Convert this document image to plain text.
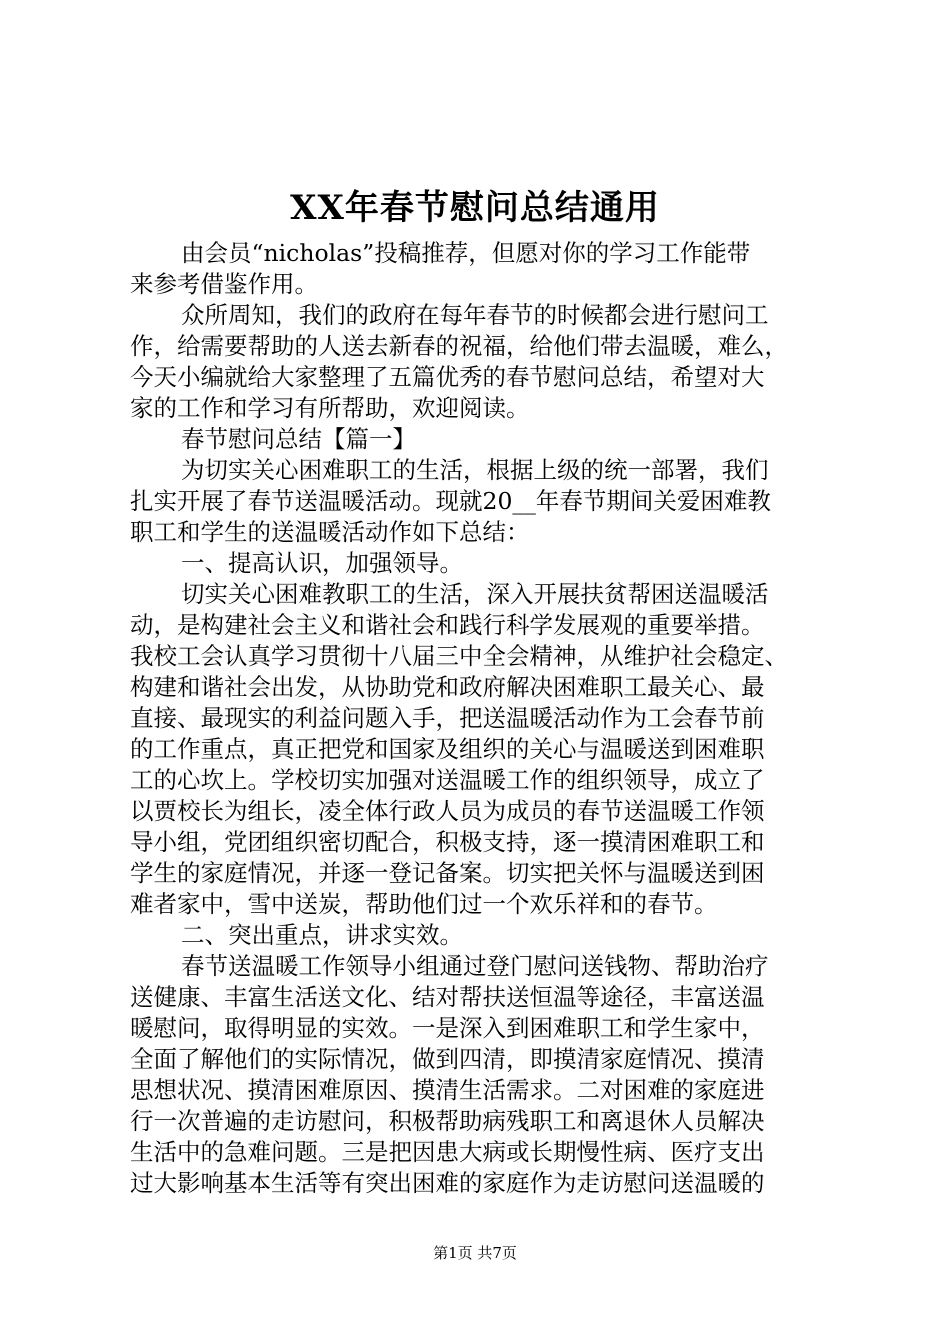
XX年春节慰问总结通用
由会员“nicholas”投稿推荐，但愿对你的学习工作能带
来参考借鉴作用。
众所周知，我们的政府在每年春节的时候都会进行慰问工
作，给需要帮助的人送去新春的祝福，给他们带去温暖，难么，
今天小编就给大家整理了五篇优秀的春节慰问总结，希望对大
家的工作和学习有所帮助，欢迎阅读。
春节慰问总结【篇一】
为切实关心困难职工的生活，根据上级的统一部署，我们
扎实开展了春节送温暖活动。现就20__年春节期间关爱困难教
职工和学生的送温暖活动作如下总结：
一、提高认识，加强领导。
切实关心困难教职工的生活，深入开展扶贫帮困送温暖活
动，是构建社会主义和谐社会和践行科学发展观的重要举措。
我校工会认真学习贯彻十八届三中全会精神，从维护社会稳定、
构建和谐社会出发，从协助党和政府解决困难职工最关心、最
直接、最现实的利益问题入手，把送温暖活动作为工会春节前
的工作重点，真正把党和国家及组织的关心与温暖送到困难职
工的心坎上。学校切实加强对送温暖工作的组织领导，成立了
以贾校长为组长，凌全体行政人员为成员的春节送温暖工作领
导小组，党团组织密切配合，积极支持，逐一摸清困难职工和
学生的家庭情况，并逐一登记备案。切实把关怀与温暖送到困
难者家中，雪中送炭，帮助他们过一个欢乐祥和的春节。
二、突出重点，讲求实效。
春节送温暖工作领导小组通过登门慰问送钱物、帮助治疗
送健康、丰富生活送文化、结对帮扶送恒温等途径，丰富送温
暖慰问，取得明显的实效。一是深入到困难职工和学生家中，
全面了解他们的实际情况，做到四清，即摸清家庭情况、摸清
思想状况、摸清困难原因、摸清生活需求。二对困难的家庭进
行一次普遍的走访慰问，积极帮助病残职工和离退休人员解决
生活中的急难问题。三是把因患大病或长期慢性病、医疗支出
过大影响基本生活等有突出困难的家庭作为走访慰问送温暖的
第1页 共7页
